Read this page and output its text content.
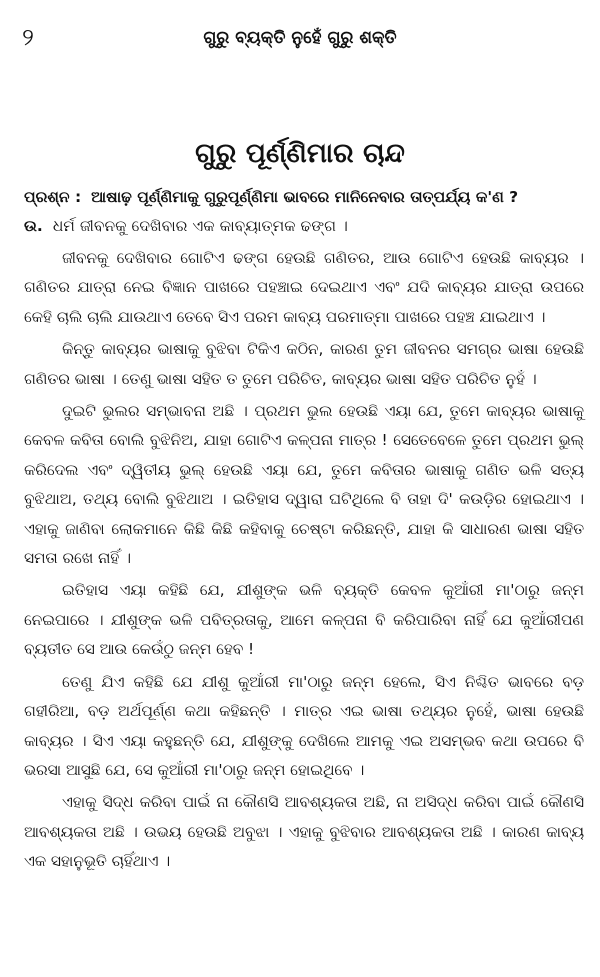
୨	ଗୁରୁ ବ୍ୟକ୍ତି ନୁହେଁ ଗୁରୁ ଶକ୍ତି
ଗୁରୁ ପୂର୍ଣ୍ଣିମାର ଚାନ୍ଦ
ପ୍ରଶ୍ନ : ଆଷାଢ଼ ପୂର୍ଣ୍ଣିମାକୁ ଗୁରୁପୂର୍ଣ୍ଣିମା ଭାବରେ ମାନିନେବାର ତାତ୍ପର୍ଯ୍ୟ କ'ଣ ?
ଉ. ଧର୍ମ ଜୀବନକୁ ଦେଖିବାର ଏକ କାବ୍ୟାତ୍ମକ ଢଙ୍ଗ ।

ଜୀବନକୁ ଦେଖିବାର ଗୋଟିଏ ଢଙ୍ଗ ହେଉଛି ଗଣିତର, ଆଉ ଗୋଟିଏ ହେଉଛି କାବ୍ୟର । ଗଣିତର ଯାତ୍ରା ନେଇ ବିଜ୍ଞାନ ପାଖରେ ପହଞ୍ଚାଇ ଦେଇଥାଏ ଏବଂ ଯଦି କାବ୍ୟର ଯାତ୍ରା ଉପରେ କେହି ଚାଲି ଚାଲି ଯାଉଥାଏ ତେବେ ସିଏ ପରମ କାବ୍ୟ ପରମାତ୍ମା ପାଖରେ ପହଞ୍ଚ ଯାଇଥାଏ ।

କିନ୍ତୁ କାବ୍ୟର ଭାଷାକୁ ବୁଝିବା ଟିକିଏ କଠିନ, କାରଣ ତୁମ ଜୀବନର ସମଗ୍ର ଭାଷା ହେଉଛି ଗଣିତର ଭାଷା । ତେଣୁ ଭାଷା ସହିତ ତ ତୁମେ ପରିଚିତ, କାବ୍ୟର ଭାଷା ସହିତ ପରିଚିତ ନୁହଁ ।

ଦୁଇଟି ଭୁଲର ସମ୍ଭାବନା ଅଛି । ପ୍ରଥମ ଭୁଲ ହେଉଛି ଏୟା ଯେ, ତୁମେ କାବ୍ୟର ଭାଷାକୁ କେବଳ କବିତା ବୋଲି ବୁଝିନିଅ, ଯାହା ଗୋଟିଏ କଳ୍ପନା ମାତ୍ର ! ସେତେବେଳେ ତୁମେ ପ୍ରଥମ ଭୁଲ୍ କରିଦେଲ ଏବଂ ଦ୍ୱିତୀୟ ଭୁଲ୍ ହେଉଛି ଏୟା ଯେ, ତୁମେ କବିତାର ଭାଷାକୁ ଗଣିତ ଭଳି ସତ୍ୟ ବୁଝିଥାଅ, ତଥ୍ୟ ବୋଲି ବୁଝିଥାଅ । ଇତିହାସ ଦ୍ୱାରା ଘଟିଥିଲେ ବି ତାହା ଦି' କଉଡ଼ିର ହୋଇଥାଏ । ଏହାକୁ ଜାଣିବା ଲୋକମାନେ କିଛି କିଛି କହିବାକୁ ଚେଷ୍ଟା କରିଛନ୍ତି, ଯାହା କି ସାଧାରଣ ଭାଷା ସହିତ ସମତା ରଖେ ନାହିଁ ।

ଇତିହାସ ଏୟା କହିଛି ଯେ, ଯୀଶୁଙ୍କ ଭଳି ବ୍ୟକ୍ତି କେବଳ କୁଆଁରୀ ମା'ଠାରୁ ଜନ୍ମ ନେଇପାରେ । ଯୀଶୁଙ୍କ ଭଳି ପବିତ୍ରତାକୁ, ଆମେ କଳ୍ପନା ବି କରିପାରିବା ନାହିଁ ଯେ କୁଆଁରୀପଣ ବ୍ୟତୀତ ସେ ଆଉ କେଉଁଠୁ ଜନ୍ମ ହେବ !

ତେଣୁ ଯିଏ କହିଛି ଯେ ଯୀଶୁ କୁଆଁରୀ ମା'ଠାରୁ ଜନ୍ମ ହେଲେ, ସିଏ ନିଶ୍ଚିତ ଭାବରେ ବଡ଼ ଗହୀରିଆ, ବଡ଼ ଅର୍ଥପୂର୍ଣ୍ଣ କଥା କହିଛନ୍ତି । ମାତ୍ର ଏଇ ଭାଷା ତଥ୍ୟର ନୁହେଁ, ଭାଷା ହେଉଛି କାବ୍ୟର । ସିଏ ଏୟା କହୁଛନ୍ତି ଯେ, ଯୀଶୁଙ୍କୁ ଦେଖିଲେ ଆମକୁ ଏଇ ଅସମ୍ଭବ କଥା ଉପରେ ବି ଭରସା ଆସୁଛି ଯେ, ସେ କୁଆଁରୀ ମା'ଠାରୁ ଜନ୍ମ ହୋଇଥିବେ ।

ଏହାକୁ ସିଦ୍ଧ କରିବା ପାଇଁ ନା କୌଣସି ଆବଶ୍ୟକତା ଅଛି, ନା ଅସିଦ୍ଧ କରିବା ପାଇଁ କୌଣସି ଆବଶ୍ୟକତା ଅଛି । ଉଭୟ ହେଉଛି ଅବୁଝା । ଏହାକୁ ବୁଝିବାର ଆବଶ୍ୟକତା ଅଛି । କାରଣ କାବ୍ୟ ଏକ ସହାନୁଭୂତି ଚାହିଁଥାଏ ।
